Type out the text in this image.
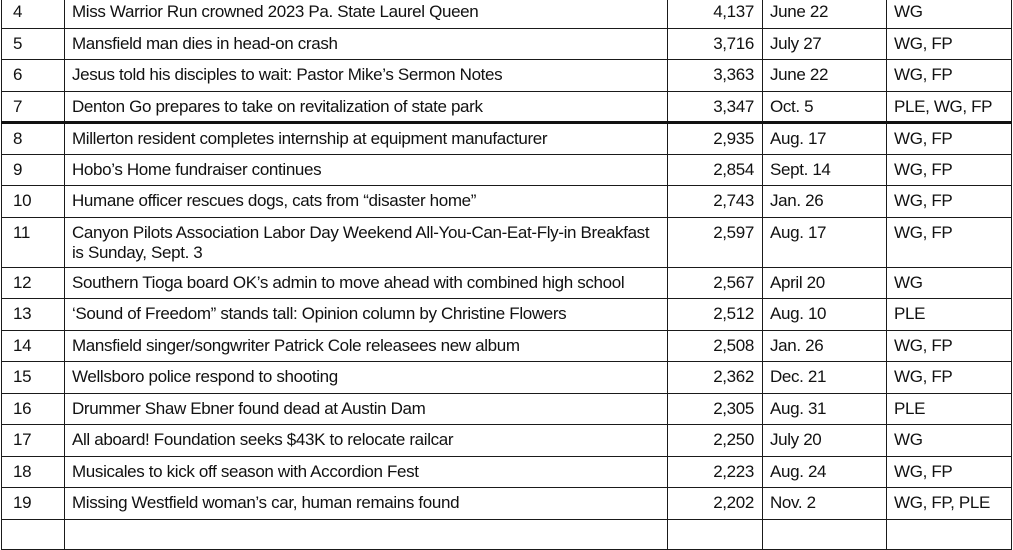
4	Miss Warrior Run crowned 2023 Pa. State Laurel Queen	4,137	June 22	WG
5	Mansfield man dies in head-on crash	3,716	July 27	WG, FP
6	Jesus told his disciples to wait: Pastor Mike’s Sermon Notes	3,363	June 22	WG, FP
7	Denton Go prepares to take on revitalization of state park	3,347	Oct. 5	PLE, WG, FP
8	Millerton resident completes internship at equipment manufacturer	2,935	Aug. 17	WG, FP
9	Hobo’s Home fundraiser continues	2,854	Sept. 14	WG, FP
10	Humane officer rescues dogs, cats from “disaster home”	2,743	Jan. 26	WG, FP
11	Canyon Pilots Association Labor Day Weekend All-You-Can-Eat-Fly-in Breakfast is Sunday, Sept. 3	2,597	Aug. 17	WG, FP
12	Southern Tioga board OK’s admin to move ahead with combined high school	2,567	April 20	WG
13	‘Sound of Freedom” stands tall: Opinion column by Christine Flowers	2,512	Aug. 10	PLE
14	Mansfield singer/songwriter Patrick Cole releasees new album	2,508	Jan. 26	WG, FP
15	Wellsboro police respond to shooting	2,362	Dec. 21	WG, FP
16	Drummer Shaw Ebner found dead at Austin Dam	2,305	Aug. 31	PLE
17	All aboard! Foundation seeks $43K to relocate railcar	2,250	July 20	WG
18	Musicales to kick off season with Accordion Fest	2,223	Aug. 24	WG, FP
19	Missing Westfield woman’s car, human remains found	2,202	Nov. 2	WG, FP, PLE
